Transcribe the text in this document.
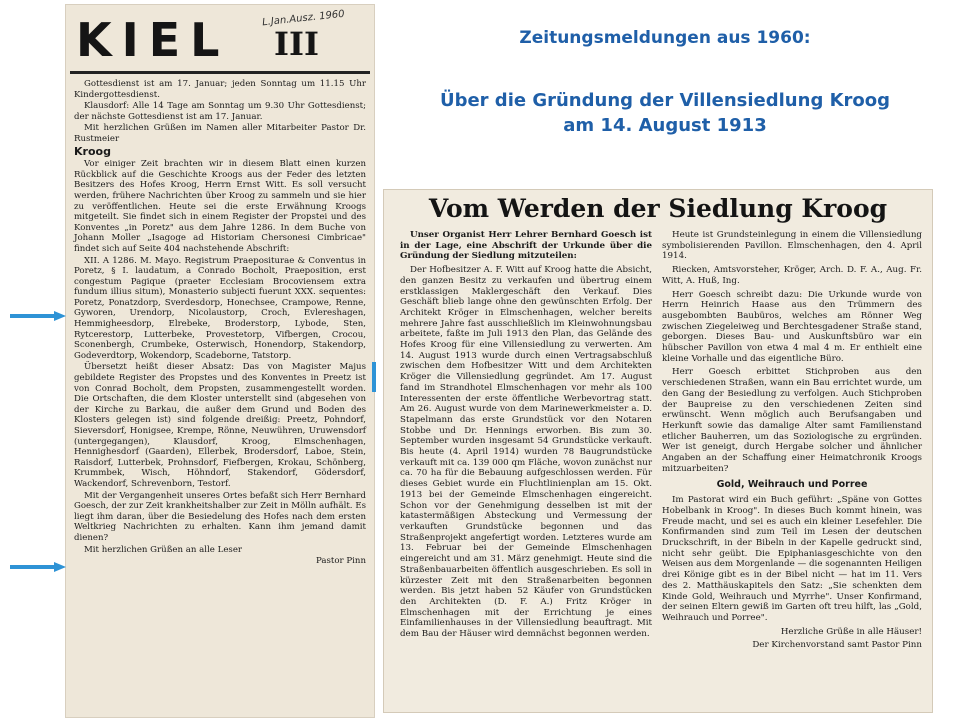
Zeitungsmeldungen aus 1960:
Über die Gründung der Villensiedlung Kroog
am 14. August 1913
KIEL III
L.Jan.Ausz. 1960

Gottesdienst ist am 17. Januar; jeden Sonntag um 11.15 Uhr Kindergottesdienst.

Klausdorf: Alle 14 Tage am Sonntag um 9.30 Uhr Gottesdienst; der nächste Gottesdienst ist am 17. Januar.

Mit herzlichen Grüßen im Namen aller Mitarbeiter Pastor Dr. Rustmeier

Kroog

Vor einiger Zeit brachten wir in diesem Blatt einen kurzen Rückblick auf die Geschichte Kroogs aus der Feder des letzten Besitzers des Hofes Kroog, Herrn Ernst Witt. Es soll versucht werden, frühere Nachrichten über Kroog zu sammeln und sie hier zu veröffentlichen. Heute sei die erste Erwähnung Kroogs mitgeteilt. Sie findet sich in einem Register der Propstei und des Konventes „in Poretz" aus dem Jahre 1286. In dem Buche von Johann Moller „Isagoge ad Historiam Chersonesi Cimbricae" findet sich auf Seite 404 nachstehende Abschrift:

XII. A 1286. M. Mayo. Registrum Praepositurae & Conventus in Poretz, § I. laudatum, a Conrado Bocholt, Praeposition, erst congestum Pagique (praeter Ecclesiam Brocoviensem extra fundum illius situm), Monasterio subjecti fuerunt XXX. sequentes: Poretz, Ponatzdorp, Sverdesdorp, Honechsee, Crampowe, Renne, Gyworen, Urendorp, Nicolaustorp, Croch, Evlereshagen, Hemmigheesdorp, Elrebeke, Broderstorp, Lybode, Sten, Rytcerestorp, Lutterbeke, Provestetorp, Vifbergen, Crocou, Sconenbergh, Crumbeke, Osterwisch, Honendorp, Stakendorp, Godeverdtorp, Wokendorp, Scadeborne, Tatstorp.

Übersetzt heißt dieser Absatz: Das von Magister Majus gebildete Register des Propstes und des Konventes in Preetz ist von Conrad Bocholt, dem Propsten, zusammengestellt worden. Die Ortschaften, die dem Kloster unterstellt sind (abgesehen von der Kirche zu Barkau, die außer dem Grund und Boden des Klosters gelegen ist) sind folgende dreißig: Preetz, Pohndorf, Sieversdorf, Honigsee, Krempe, Rönne, Neuwühren, Uruwensdorf (untergegangen), Klausdorf, Kroog, Elmschenhagen, Hennighesdorf (Gaarden), Ellerbek, Brodersdorf, Laboe, Stein, Raisdorf, Lutterbek, Prohnsdorf, Fiefbergen, Krokau, Schönberg, Krummbek, Wisch, Höhndorf, Stakendorf, Gödersdorf, Wackendorf, Schrevenborn, Testorf.

Mit der Vergangenheit unseres Ortes befaßt sich Herr Bernhard Goesch, der zur Zeit krankheitshalber zur Zeit in Mölln aufhält. Es liegt ihm daran, über die Besiedelung des Hofes nach dem ersten Weltkrieg Nachrichten zu erhalten. Kann ihm jemand damit dienen?

Mit herzlichen Grüßen an alle Leser

Pastor Pinn

Vom Werden der Siedlung Kroog

Unser Organist Herr Lehrer Bernhard Goesch ist in der Lage, eine Abschrift der Urkunde über die Gründung der Siedlung mitzuteilen:

Der Hofbesitzer A. F. Witt auf Kroog hatte die Absicht, den ganzen Besitz zu verkaufen und übertrug einem erstklassigen Maklergeschäft den Verkauf. Dies Geschäft blieb lange ohne den gewünschten Erfolg. Der Architekt Kröger in Elmschenhagen, welcher bereits mehrere Jahre fast ausschließlich im Kleinwohnungsbau arbeitete, faßte im Juli 1913 den Plan, das Gelände des Hofes Kroog für eine Villensiedlung zu verwerten. Am 14. August 1913 wurde durch einen Vertragsabschluß zwischen dem Hofbesitzer Witt und dem Architekten Kröger die Villensiedlung gegründet. Am 17. August fand im Strandhotel Elmschenhagen vor mehr als 100 Interessenten der erste öffentliche Werbevortrag statt. Am 26. August wurde von dem Marinewerkmeister a. D. Stapelmann das erste Grundstück vor den Notaren Stobbe und Dr. Hennings erworben. Bis zum 30. September wurden insgesamt 54 Grundstücke verkauft. Bis heute (4. April 1914) wurden 78 Baugrundstücke verkauft mit ca. 139 000 qm Fläche, wovon zunächst nur ca. 70 ha für die Bebauung aufgeschlossen werden. Für dieses Gebiet wurde ein Fluchtlinienplan am 15. Okt. 1913 bei der Gemeinde Elmschenhagen eingereicht. Schon vor der Genehmigung desselben ist mit der katastermäßigen Absteckung und Vermessung der verkauften Grundstücke begonnen und das Straßenprojekt angefertigt worden. Letzteres wurde am 13. Februar bei der Gemeinde Elmschenhagen eingereicht und am 31. März genehmigt. Heute sind die Straßenbauarbeiten öffentlich ausgeschrieben. Es soll in kürzester Zeit mit den Straßenarbeiten begonnen werden. Bis jetzt haben 52 Käufer von Grundstücken den Architekten (D. F. A.) Fritz Kröger in Elmschenhagen mit der Errichtung je eines Einfamilienhauses in der Villensiedlung beauftragt. Mit dem Bau der Häuser wird demnächst begonnen werden.

Heute ist Grundsteinlegung in einem die Villensiedlung symbolisierenden Pavillon. Elmschenhagen, den 4. April 1914.

Riecken, Amtsvorsteher, Kröger, Arch. D. F. A., Aug. Fr. Witt, A. Huß, Ing.

Herr Goesch schreibt dazu: Die Urkunde wurde von Herrn Heinrich Haase aus den Trümmern des ausgebombten Baubüros, welches am Rönner Weg zwischen Ziegeleiweg und Berchtesgadener Straße stand, geborgen. Dieses Bau- und Auskunftsbüro war ein hübscher Pavillon von etwa 4 mal 4 m. Er enthielt eine kleine Vorhalle und das eigentliche Büro.

Herr Goesch erbittet Stichproben aus den verschiedenen Straßen, wann ein Bau errichtet wurde, um den Gang der Besiedlung zu verfolgen. Auch Stichproben der Baupreise zu den verschiedenen Zeiten sind erwünscht. Wenn möglich auch Berufsangaben und Herkunft sowie das damalige Alter samt Familienstand etlicher Bauherren, um das Soziologische zu ergründen. Wer ist geneigt, durch Hergabe solcher und ähnlicher Angaben an der Schaffung einer Heimatchronik Kroogs mitzuarbeiten?

Gold, Weihrauch und Porree

Im Pastorat wird ein Buch geführt: „Späne von Gottes Hobelbank in Kroog". In dieses Buch kommt hinein, was Freude macht, und sei es auch ein kleiner Lesefehler. Die Konfirmanden sind zum Teil im Lesen der deutschen Druckschrift, in der Bibeln in der Kapelle gedruckt sind, nicht sehr geübt. Die Epiphaniasgeschichte von den Weisen aus dem Morgenlande — die sogenannten Heiligen drei Könige gibt es in der Bibel nicht — hat im 11. Vers des 2. Matthäuskapitels den Satz: „Sie schenkten dem Kinde Gold, Weihrauch und Myrrhe". Unser Konfirmand, der seinen Eltern gewiß im Garten oft treu hilft, las „Gold, Weihrauch und Porree".

Herzliche Grüße in alle Häuser!

Der Kirchenvorstand samt Pastor Pinn
